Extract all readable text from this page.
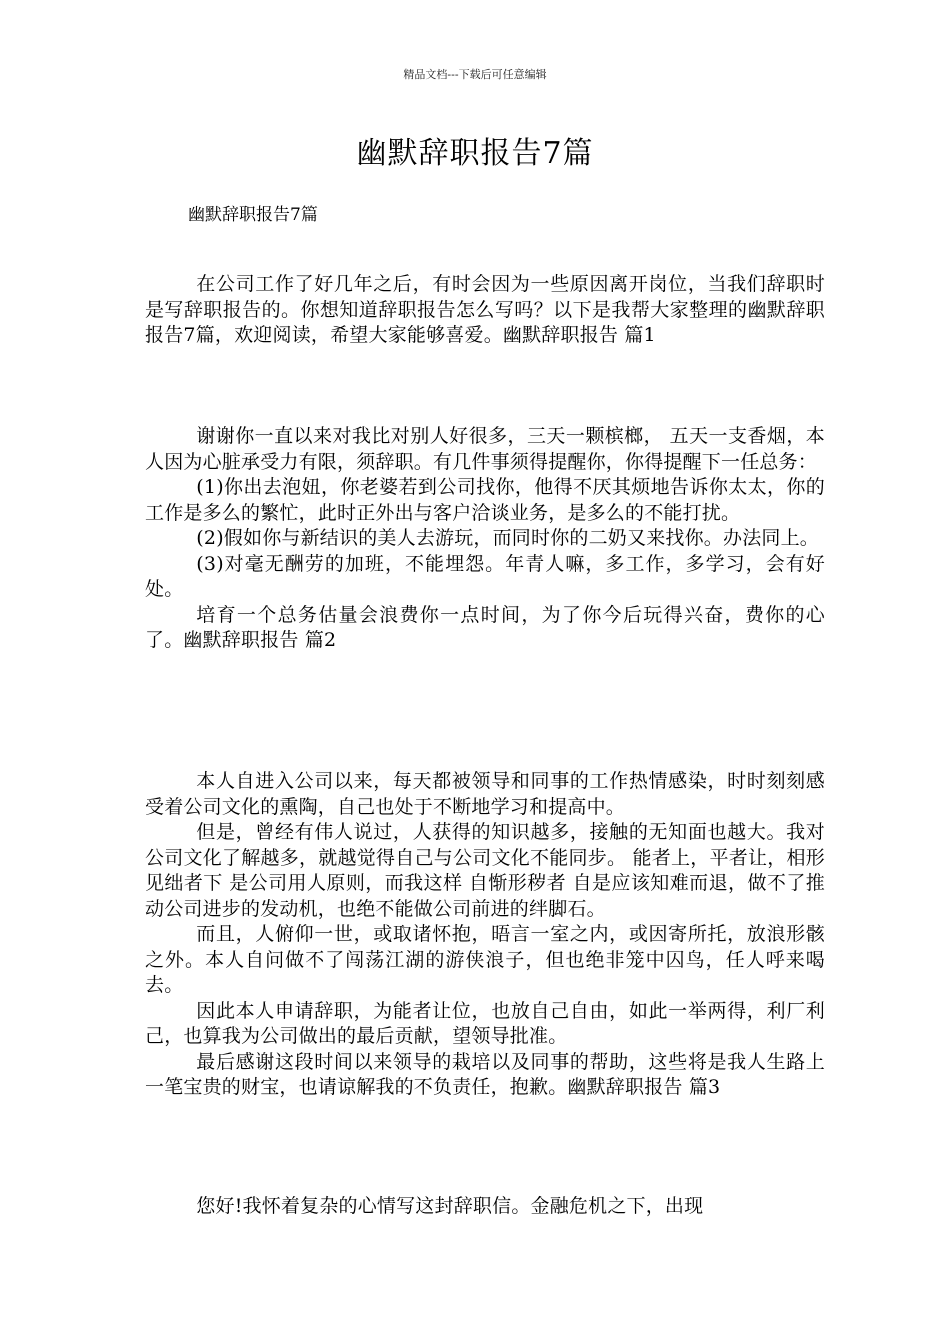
精品文档---下载后可任意编辑
幽默辞职报告7篇
幽默辞职报告7篇

在公司工作了好几年之后，有时会因为一些原因离开岗位，当我们辞职时是写辞职报告的。你想知道辞职报告怎么写吗？以下是我帮大家整理的幽默辞职报告7篇，欢迎阅读，希望大家能够喜爱。幽默辞职报告 篇1

谢谢你一直以来对我比对别人好很多，三天一颗槟榔， 五天一支香烟，本人因为心脏承受力有限，须辞职。有几件事须得提醒你，你得提醒下一任总务：

(1)你出去泡妞，你老婆若到公司找你，他得不厌其烦地告诉你太太，你的工作是多么的繁忙，此时正外出与客户洽谈业务，是多么的不能打扰。

(2)假如你与新结识的美人去游玩，而同时你的二奶又来找你。办法同上。

(3)对毫无酬劳的加班，不能埋怨。年青人嘛，多工作，多学习，会有好处。

培育一个总务估量会浪费你一点时间，为了你今后玩得兴奋，费你的心了。幽默辞职报告 篇2

本人自进入公司以来，每天都被领导和同事的工作热情感染，时时刻刻感受着公司文化的熏陶，自己也处于不断地学习和提高中。

但是，曾经有伟人说过，人获得的知识越多，接触的无知面也越大。我对公司文化了解越多，就越觉得自己与公司文化不能同步。 能者上，平者让，相形见绌者下 是公司用人原则，而我这样 自惭形秽者 自是应该知难而退，做不了推动公司进步的发动机，也绝不能做公司前进的绊脚石。

而且，人俯仰一世，或取诸怀抱，晤言一室之内，或因寄所托，放浪形骸之外。本人自问做不了闯荡江湖的游侠浪子，但也绝非笼中囚鸟，任人呼来喝去。

因此本人申请辞职，为能者让位，也放自己自由，如此一举两得，利厂利己，也算我为公司做出的最后贡献，望领导批准。

最后感谢这段时间以来领导的栽培以及同事的帮助，这些将是我人生路上一笔宝贵的财宝，也请谅解我的不负责任，抱歉。幽默辞职报告 篇3

您好!我怀着复杂的心情写这封辞职信。金融危机之下，出现
